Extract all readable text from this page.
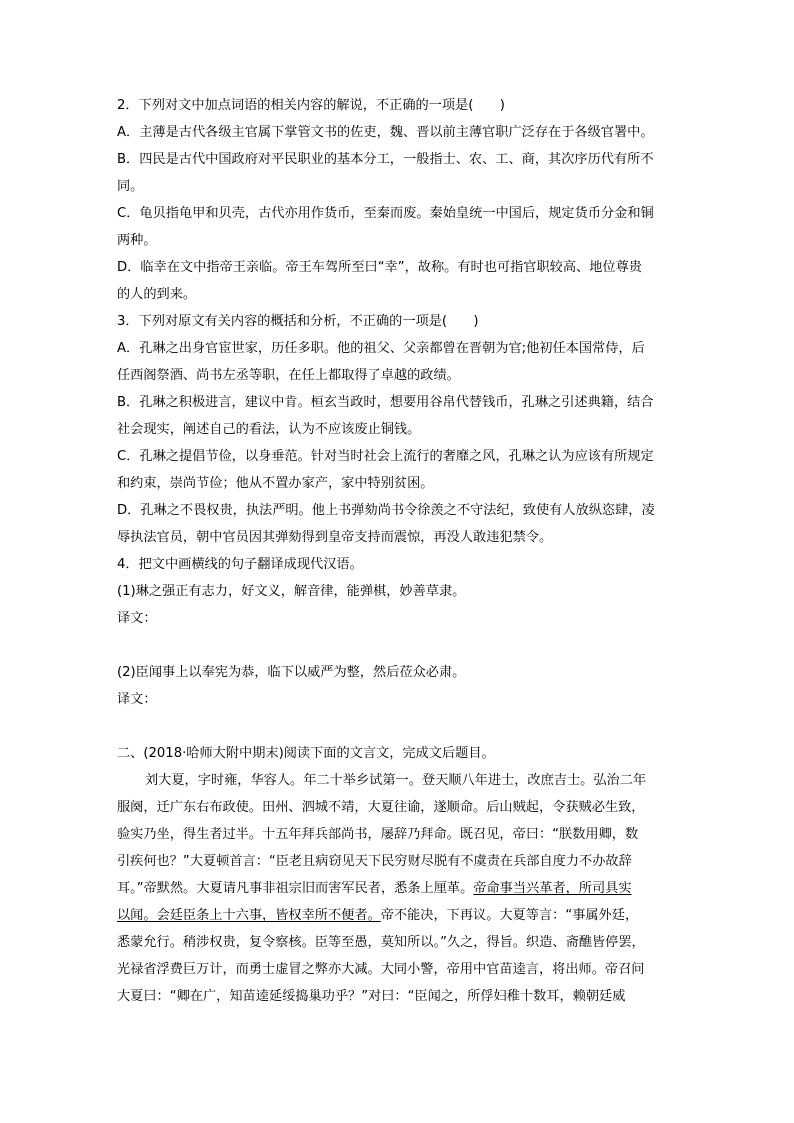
2．下列对文中加点词语的相关内容的解说，不正确的一项是(　　)
A．主薄是古代各级主官属下掌管文书的佐吏，魏、晋以前主薄官职广泛存在于各级官署中。
B．四民是古代中国政府对平民职业的基本分工，一般指士、农、工、商，其次序历代有所不
同。
C．龟贝指龟甲和贝壳，古代亦用作货币，至秦而废。秦始皇统一中国后，规定货币分金和铜
两种。
D．临幸在文中指帝王亲临。帝王车驾所至曰“幸”，故称。有时也可指官职较高、地位尊贵
的人的到来。
3．下列对原文有关内容的概括和分析，不正确的一项是(　　)
A．孔琳之出身官宦世家，历任多职。他的祖父、父亲都曾在晋朝为官;他初任本国常侍，后
任西阁祭酒、尚书左丞等职，在任上都取得了卓越的政绩。
B．孔琳之积极进言，建议中肯。桓玄当政时，想要用谷帛代替钱币，孔琳之引述典籍，结合
社会现实，阐述自己的看法，认为不应该废止铜钱。
C．孔琳之提倡节俭，以身垂范。针对当时社会上流行的奢靡之风，孔琳之认为应该有所规定
和约束，崇尚节俭；他从不置办家产，家中特别贫困。
D．孔琳之不畏权贵，执法严明。他上书弹劾尚书令徐羡之不守法纪，致使有人放纵恣肆，凌
辱执法官员，朝中官员因其弹劾得到皇帝支持而震惊，再没人敢违犯禁令。
4．把文中画横线的句子翻译成现代汉语。
(1)琳之强正有志力，好文义，解音律，能弹棋，妙善草隶。
译文：
(2)臣闻事上以奉宪为恭，临下以威严为整，然后莅众必肃。
译文：
二、(2018·哈师大附中期末)阅读下面的文言文，完成文后题目。
刘大夏，字时雍，华容人。年二十举乡试第一。登天顺八年进士，改庶吉士。弘治二年
服阕，迁广东右布政使。田州、泗城不靖，大夏往谕，遂顺命。后山贼起，令获贼必生致，
验实乃坐，得生者过半。十五年拜兵部尚书，屡辞乃拜命。既召见，帝曰：“朕数用卿，数
引疾何也？”大夏顿首言：“臣老且病窃见天下民穷财尽脱有不虞责在兵部自度力不办故辞
耳。”帝默然。大夏请凡事非祖宗旧而害军民者，悉条上厘革。帝命事当兴革者，所司具实
以闻。会廷臣条上十六事，皆权幸所不便者。帝不能决，下再议。大夏等言：“事属外廷，
悉蒙允行。稍涉权贵，复令察核。臣等至愚，莫知所以。”久之，得旨。织造、斋醮皆停罢，
光禄省浮费巨万计，而勇士虚冒之弊亦大减。大同小警，帝用中官苗逵言，将出师。帝召问
大夏曰：“卿在广，知苗逵延绥捣巢功乎？”对曰：“臣闻之，所俘妇稚十数耳，赖朝廷威
